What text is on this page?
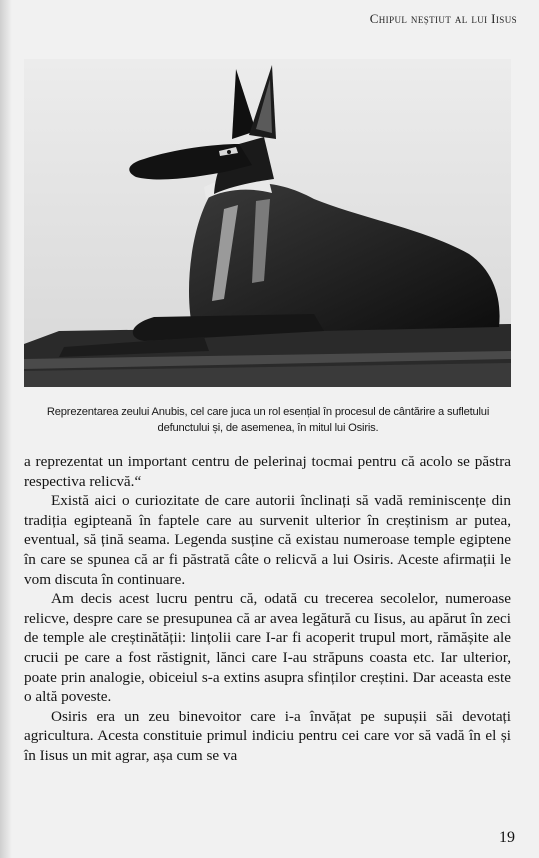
Chipul neștiut al lui Iisus
Reprezentarea zeului Anubis, cel care juca un rol esențial în procesul de cântărire a sufletului
defunctului și, de asemenea, în mitul lui Osiris.

a reprezentat un important centru de pelerinaj tocmai pentru că acolo se păstra respectiva relicvă.“

Există aici o curiozitate de care autorii înclinați să vadă reminiscențe din tradiția egipteană în faptele care au survenit ulterior în creștinism ar putea, eventual, să țină seama. Legenda susține că existau numeroase temple egiptene în care se spunea că ar fi păstrată câte o relicvă a lui Osiris. Aceste afirmații le vom discuta în continuare.

Am decis acest lucru pentru că, odată cu trecerea secolelor, numeroase relicve, despre care se presupunea că ar avea legătură cu Iisus, au apărut în zeci de temple ale creștinătății: lințolii care I-ar fi acoperit trupul mort, rămășite ale crucii pe care a fost răstignit, lănci care I-au străpuns coasta etc. Iar ulterior, poate prin analogie, obiceiul s-a extins asupra sfinților creștini. Dar aceasta este o altă poveste.

Osiris era un zeu binevoitor care i-a învățat pe supușii săi devotați agricultura. Acesta constituie primul indiciu pentru cei care vor să vadă în el și în Iisus un mit agrar, așa cum se va

19
